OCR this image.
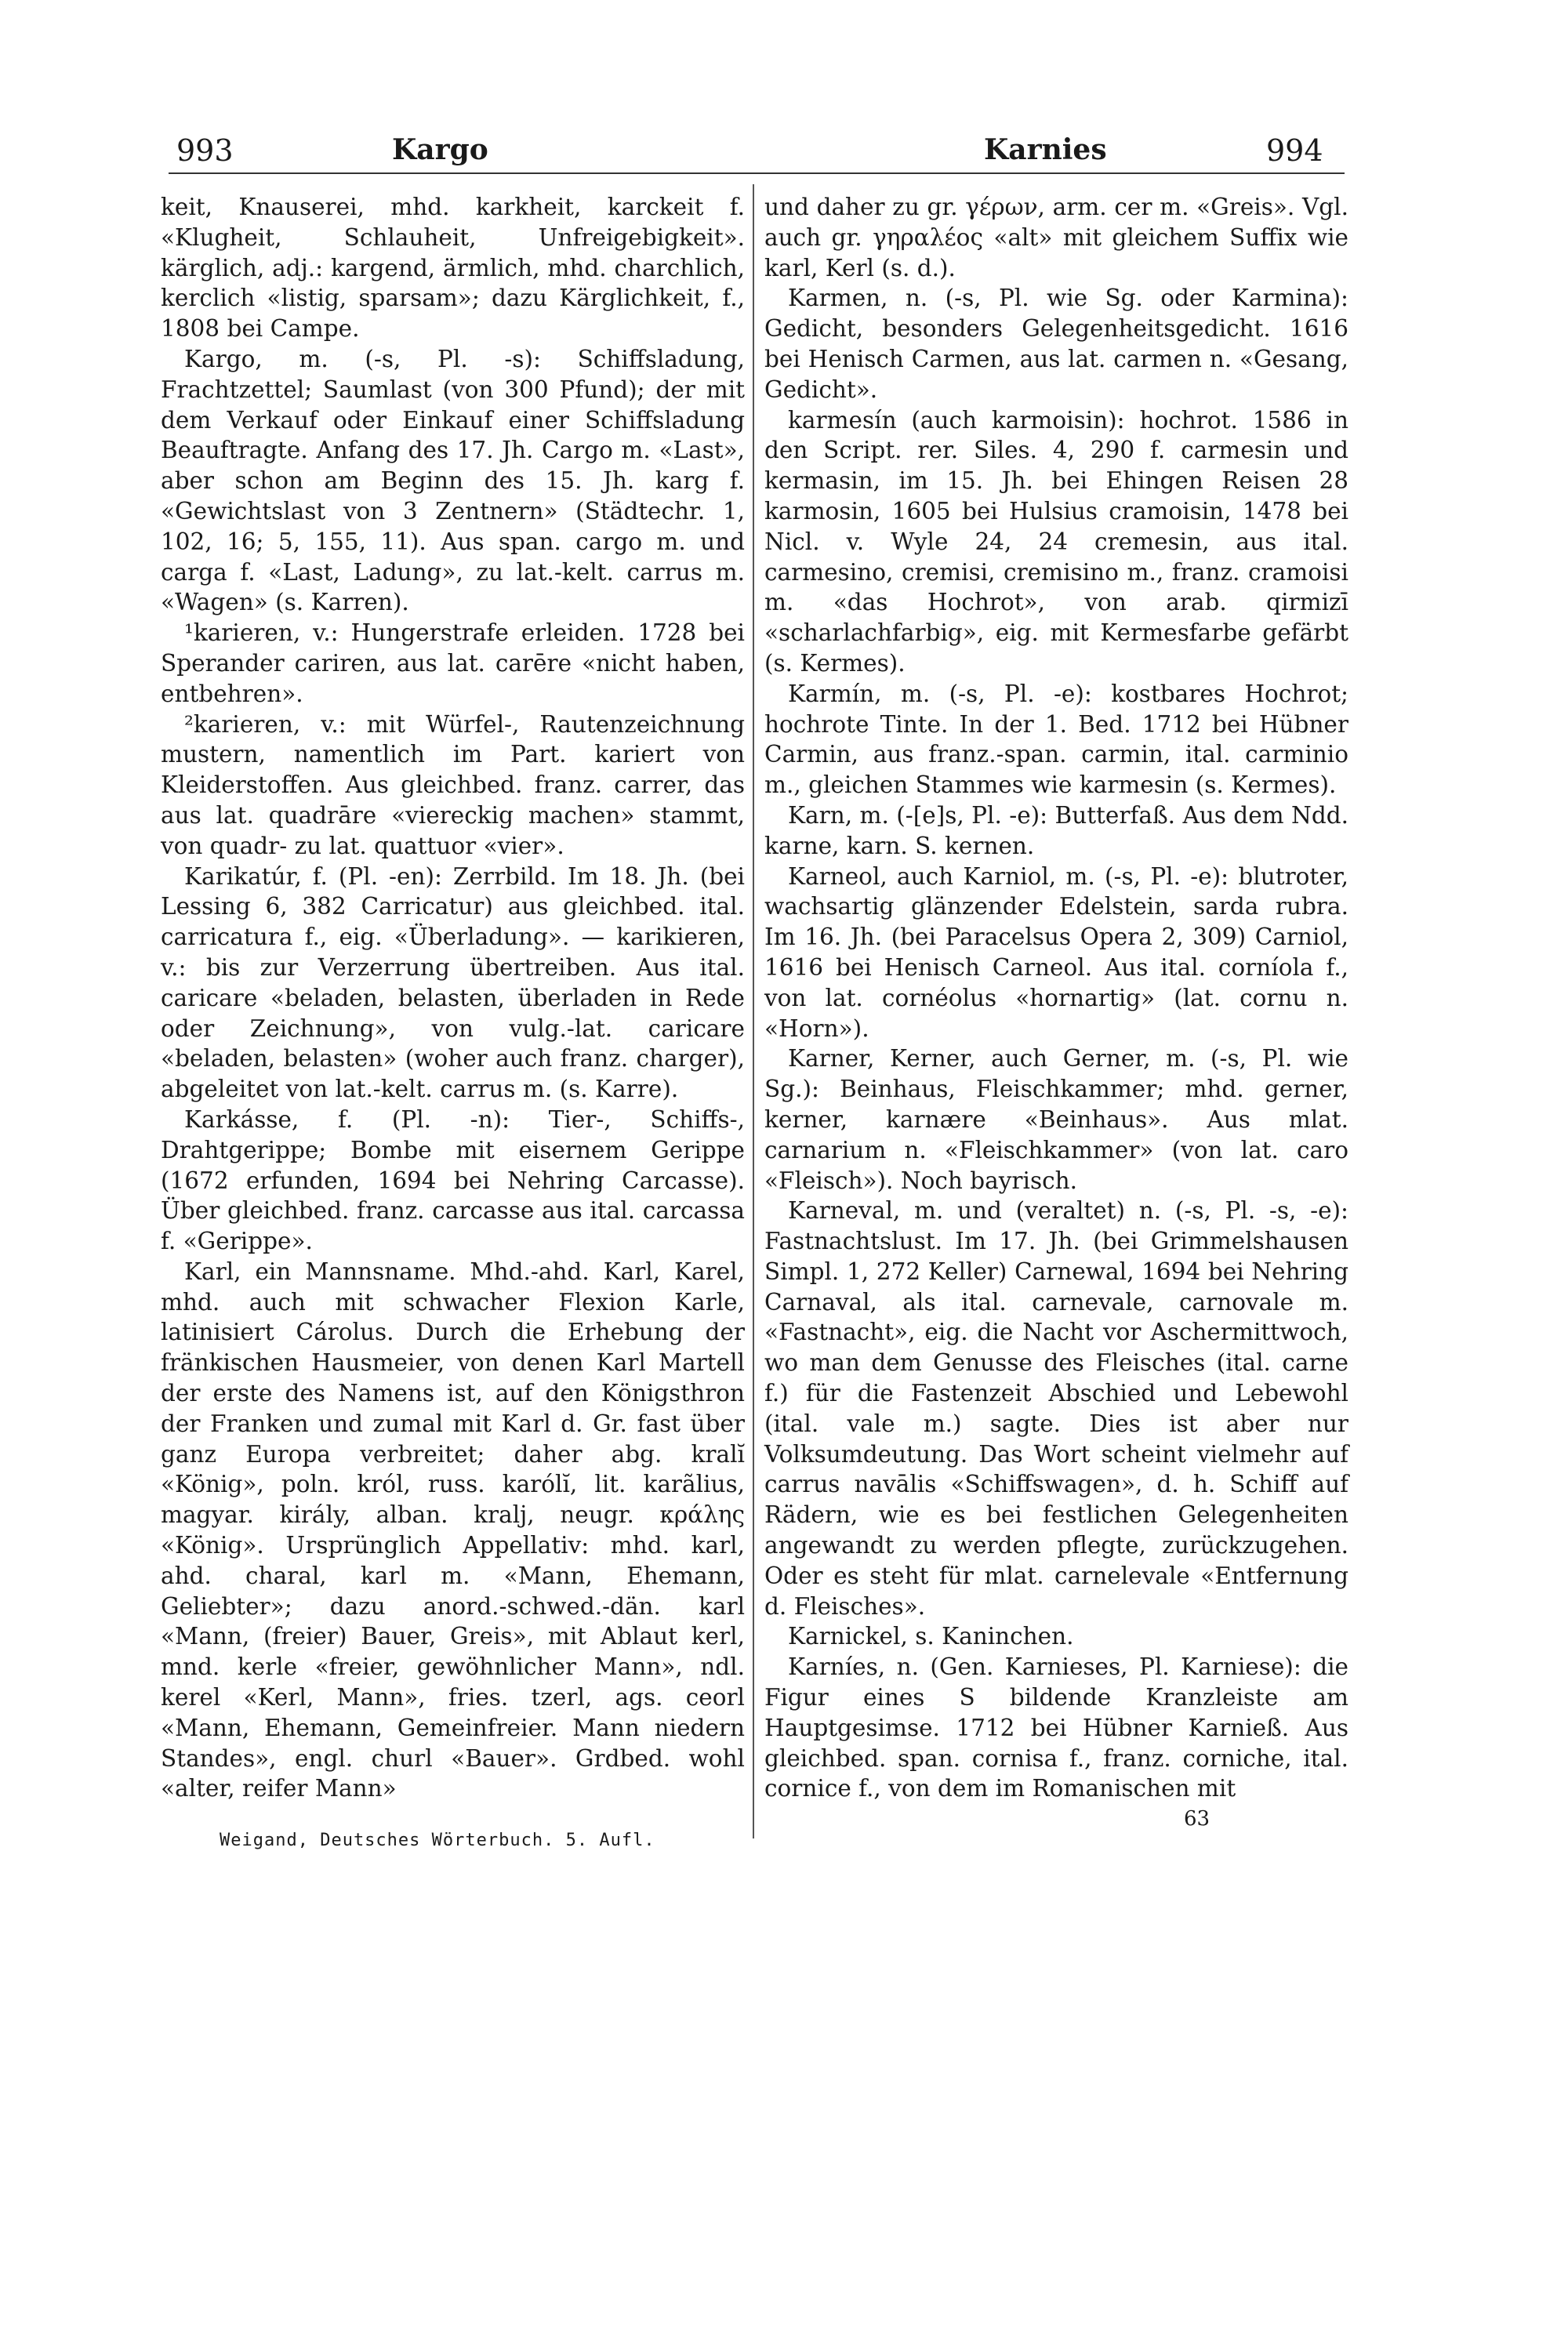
993	Kargo	Karnies	994

keit, Knauserei, mhd. karkheit, karckeit f. «Klugheit, Schlauheit, Unfreigebigkeit». kärglich, adj.: kargend, ärmlich, mhd. charchlich, kerclich «listig, sparsam»; dazu Kärglichkeit, f., 1808 bei Campe.

Kargo, m. (-s, Pl. -s): Schiffsladung, Frachtzettel; Saumlast (von 300 Pfund); der mit dem Verkauf oder Einkauf einer Schiffsladung Beauftragte. Anfang des 17. Jh. Cargo m. «Last», aber schon am Beginn des 15. Jh. karg f. «Gewichtslast von 3 Zentnern» (Städtechr. 1, 102, 16; 5, 155, 11). Aus span. cargo m. und carga f. «Last, Ladung», zu lat.-kelt. carrus m. «Wagen» (s. Karren).

¹karieren, v.: Hungerstrafe erleiden. 1728 bei Sperander cariren, aus lat. carēre «nicht haben, entbehren».

²karieren, v.: mit Würfel-, Rautenzeichnung mustern, namentlich im Part. kariert von Kleiderstoffen. Aus gleichbed. franz. carrer, das aus lat. quadrāre «viereckig machen» stammt, von quadr- zu lat. quattuor «vier».

Karikatúr, f. (Pl. -en): Zerrbild. Im 18. Jh. (bei Lessing 6, 382 Carricatur) aus gleichbed. ital. carricatura f., eig. «Überladung». — karikieren, v.: bis zur Verzerrung übertreiben. Aus ital. caricare «beladen, belasten, überladen in Rede oder Zeichnung», von vulg.-lat. caricare «beladen, belasten» (woher auch franz. charger), abgeleitet von lat.-kelt. carrus m. (s. Karre).

Karkásse, f. (Pl. -n): Tier-, Schiffs-, Drahtgerippe; Bombe mit eisernem Gerippe (1672 erfunden, 1694 bei Nehring Carcasse). Über gleichbed. franz. carcasse aus ital. carcassa f. «Gerippe».

Karl, ein Mannsname. Mhd.-ahd. Karl, Karel, mhd. auch mit schwacher Flexion Karle, latinisiert Cárolus. Durch die Erhebung der fränkischen Hausmeier, von denen Karl Martell der erste des Namens ist, auf den Königsthron der Franken und zumal mit Karl d. Gr. fast über ganz Europa verbreitet; daher abg. kralĭ «König», poln. król, russ. karólĭ, lit. karãlius, magyar. király, alban. kralj, neugr. κράλης «König». Ursprünglich Appellativ: mhd. karl, ahd. charal, karl m. «Mann, Ehemann, Geliebter»; dazu anord.-schwed.-dän. karl «Mann, (freier) Bauer, Greis», mit Ablaut kerl, mnd. kerle «freier, gewöhnlicher Mann», ndl. kerel «Kerl, Mann», fries. tzerl, ags. ceorl «Mann, Ehemann, Gemeinfreier. Mann niedern Standes», engl. churl «Bauer». Grdbed. wohl «alter, reifer Mann»

und daher zu gr. γέρων, arm. cer m. «Greis». Vgl. auch gr. γηραλέος «alt» mit gleichem Suffix wie karl, Kerl (s. d.).

Karmen, n. (-s, Pl. wie Sg. oder Karmina): Gedicht, besonders Gelegenheitsgedicht. 1616 bei Henisch Carmen, aus lat. carmen n. «Gesang, Gedicht».

karmesín (auch karmoisin): hochrot. 1586 in den Script. rer. Siles. 4, 290 f. carmesin und kermasin, im 15. Jh. bei Ehingen Reisen 28 karmosin, 1605 bei Hulsius cramoisin, 1478 bei Nicl. v. Wyle 24, 24 cremesin, aus ital. carmesino, cremisi, cremisino m., franz. cramoisi m. «das Hochrot», von arab. qirmizī «scharlachfarbig», eig. mit Kermesfarbe gefärbt (s. Kermes).

Karmín, m. (-s, Pl. -e): kostbares Hochrot; hochrote Tinte. In der 1. Bed. 1712 bei Hübner Carmin, aus franz.-span. carmin, ital. carminio m., gleichen Stammes wie karmesin (s. Kermes).

Karn, m. (-[e]s, Pl. -e): Butterfaß. Aus dem Ndd. karne, karn. S. kernen.

Karneol, auch Karniol, m. (-s, Pl. -e): blutroter, wachsartig glänzender Edelstein, sarda rubra. Im 16. Jh. (bei Paracelsus Opera 2, 309) Carniol, 1616 bei Henisch Carneol. Aus ital. corníola f., von lat. cornéolus «hornartig» (lat. cornu n. «Horn»).

Karner, Kerner, auch Gerner, m. (-s, Pl. wie Sg.): Beinhaus, Fleischkammer; mhd. gerner, kerner, karnære «Beinhaus». Aus mlat. carnarium n. «Fleischkammer» (von lat. caro «Fleisch»). Noch bayrisch.

Karneval, m. und (veraltet) n. (-s, Pl. -s, -e): Fastnachtslust. Im 17. Jh. (bei Grimmelshausen Simpl. 1, 272 Keller) Carnewal, 1694 bei Nehring Carnaval, als ital. carnevale, carnovale m. «Fastnacht», eig. die Nacht vor Aschermittwoch, wo man dem Genusse des Fleisches (ital. carne f.) für die Fastenzeit Abschied und Lebewohl (ital. vale m.) sagte. Dies ist aber nur Volksumdeutung. Das Wort scheint vielmehr auf carrus navālis «Schiffswagen», d. h. Schiff auf Rädern, wie es bei festlichen Gelegenheiten angewandt zu werden pflegte, zurückzugehen. Oder es steht für mlat. carnelevale «Entfernung d. Fleisches».

Karnickel, s. Kaninchen.

Karníes, n. (Gen. Karnieses, Pl. Karniese): die Figur eines S bildende Kranzleiste am Hauptgesimse. 1712 bei Hübner Karnieß. Aus gleichbed. span. cornisa f., franz. corniche, ital. cornice f., von dem im Romanischen mit

63
Weigand, Deutsches Wörterbuch. 5. Aufl.
